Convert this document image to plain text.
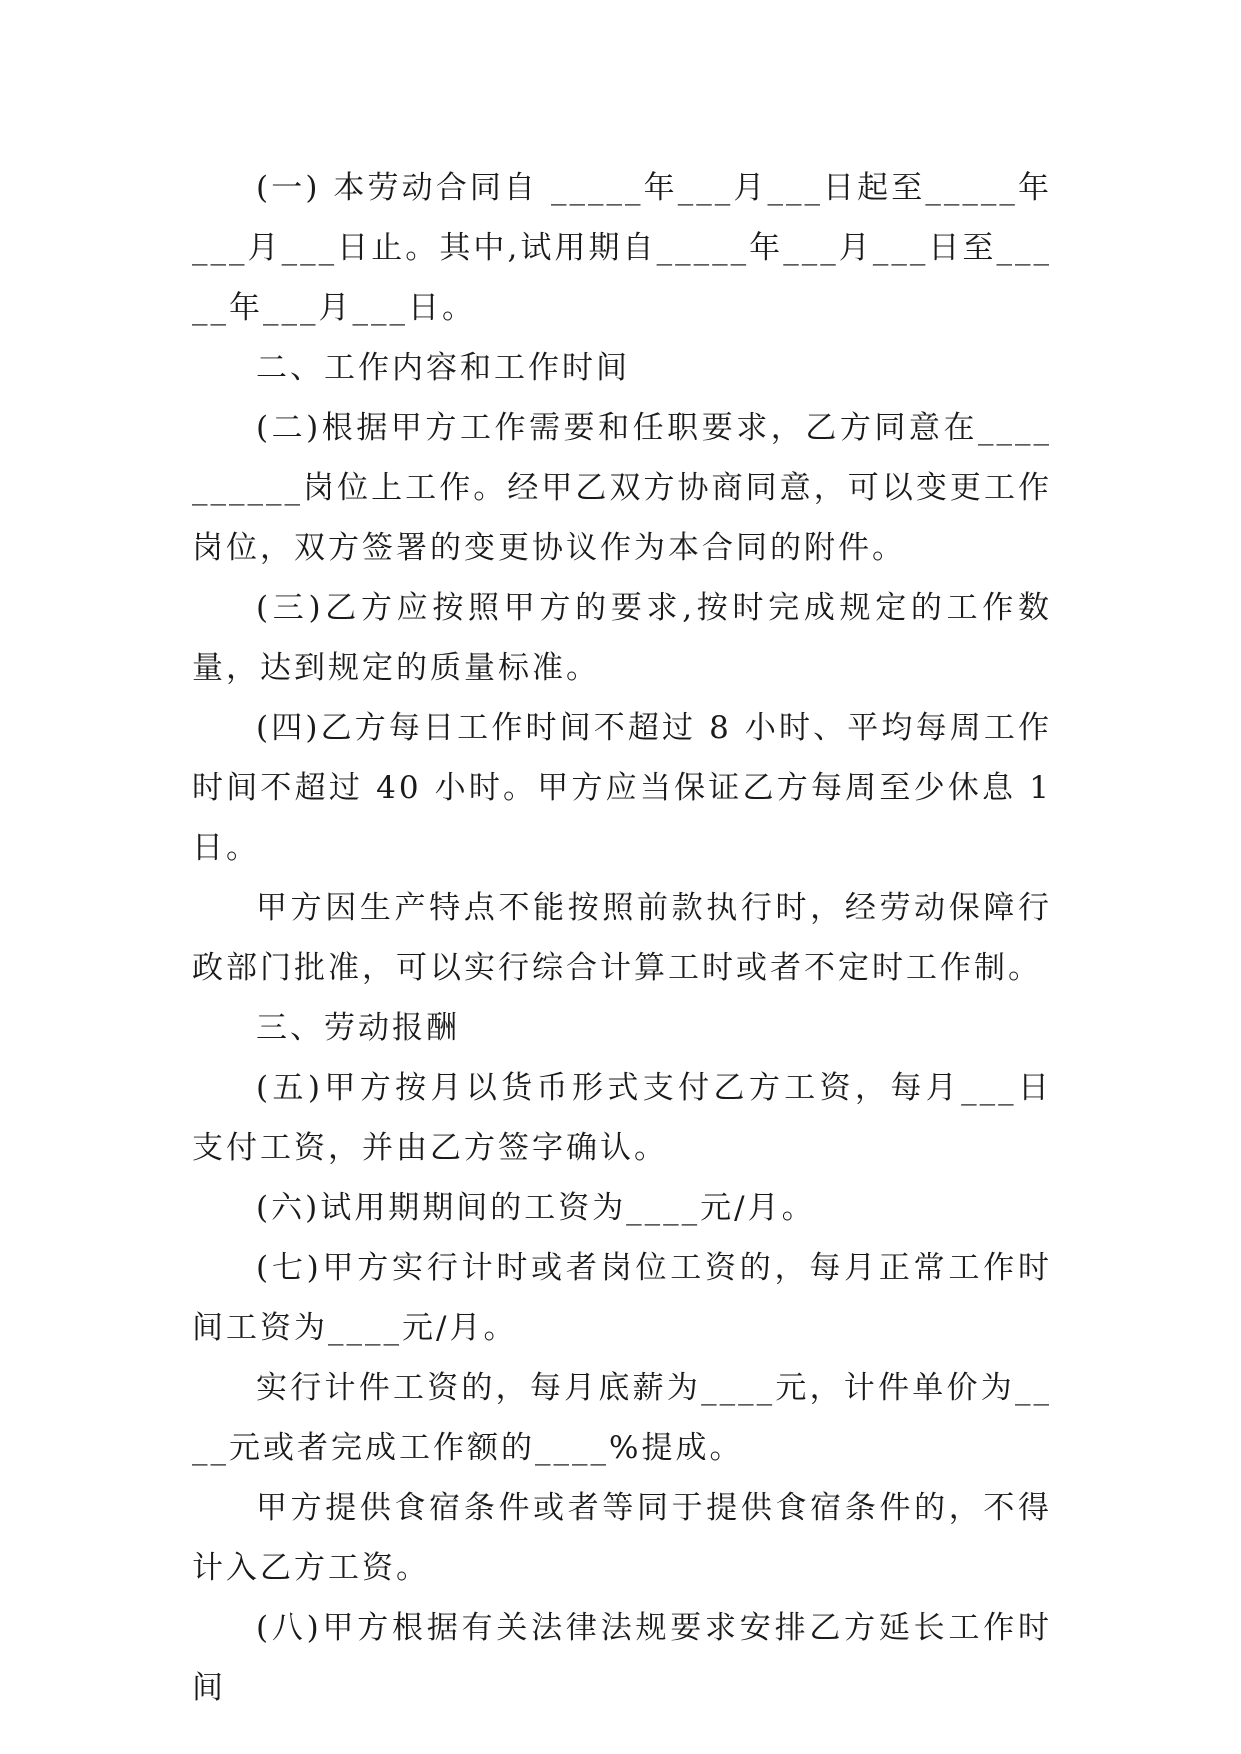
(一) 本劳动合同自 _____年___月___日起至_____年___月___日止。其中,试用期自_____年___月___日至_____年___月___日。

二、工作内容和工作时间

(二)根据甲方工作需要和任职要求，乙方同意在__________岗位上工作。经甲乙双方协商同意，可以变更工作岗位，双方签署的变更协议作为本合同的附件。

(三)乙方应按照甲方的要求,按时完成规定的工作数量，达到规定的质量标准。

(四)乙方每日工作时间不超过 8 小时、平均每周工作时间不超过 40 小时。甲方应当保证乙方每周至少休息 1 日。

甲方因生产特点不能按照前款执行时，经劳动保障行政部门批准，可以实行综合计算工时或者不定时工作制。

三、劳动报酬

(五)甲方按月以货币形式支付乙方工资，每月___日支付工资，并由乙方签字确认。

(六)试用期期间的工资为____元/月。

(七)甲方实行计时或者岗位工资的，每月正常工作时间工资为____元/月。

实行计件工资的，每月底薪为____元，计件单价为____元或者完成工作额的____%提成。

甲方提供食宿条件或者等同于提供食宿条件的，不得计入乙方工资。

(八)甲方根据有关法律法规要求安排乙方延长工作时间
